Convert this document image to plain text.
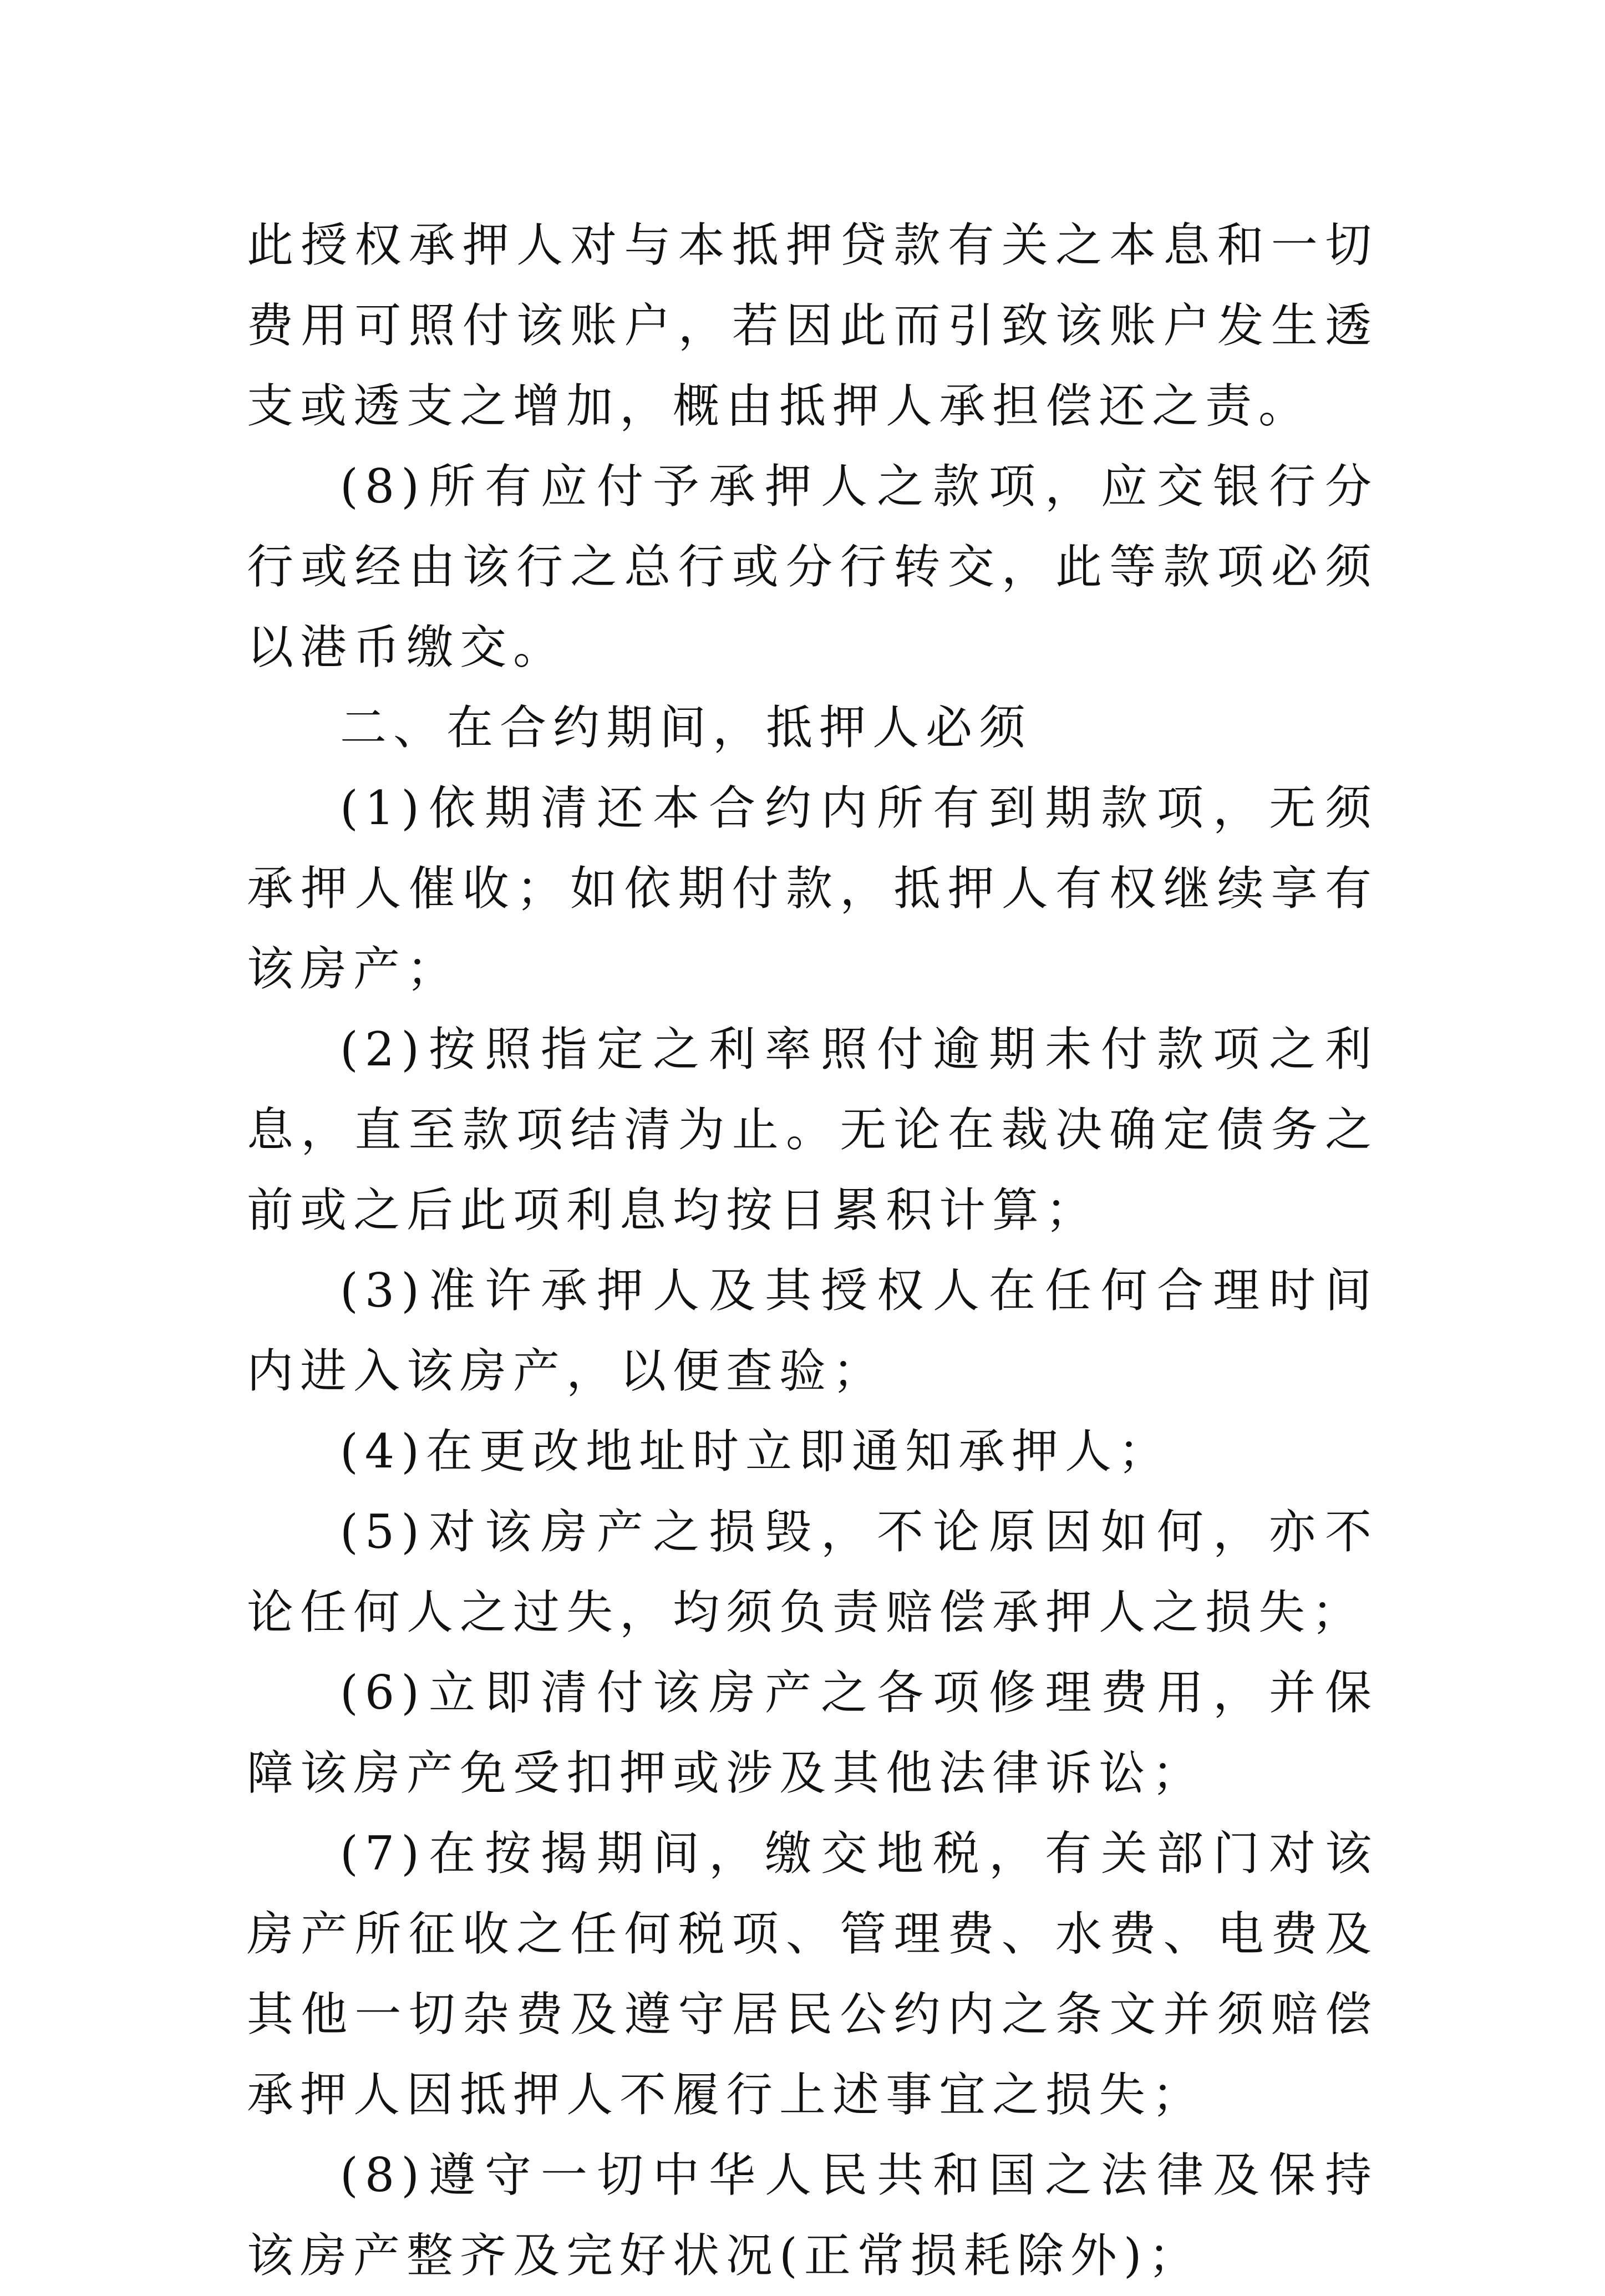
此授权承押人对与本抵押贷款有关之本息和一切费用可照付该账户，若因此而引致该账户发生透支或透支之增加，概由抵押人承担偿还之责。

(8)所有应付予承押人之款项，应交银行分行或经由该行之总行或分行转交，此等款项必须以港币缴交。

二、在合约期间，抵押人必须

(1)依期清还本合约内所有到期款项，无须承押人催收；如依期付款，抵押人有权继续享有该房产；

(2)按照指定之利率照付逾期未付款项之利息，直至款项结清为止。无论在裁决确定债务之前或之后此项利息均按日累积计算；

(3)准许承押人及其授权人在任何合理时间内进入该房产，以便查验；

(4)在更改地址时立即通知承押人；

(5)对该房产之损毁，不论原因如何，亦不论任何人之过失，均须负责赔偿承押人之损失；

(6)立即清付该房产之各项修理费用，并保障该房产免受扣押或涉及其他法律诉讼；

(7)在按揭期间，缴交地税，有关部门对该房产所征收之任何税项、管理费、水费、电费及其他一切杂费及遵守居民公约内之条文并须赔偿承押人因抵押人不履行上述事宜之损失；

(8)遵守一切中华人民共和国之法律及保持该房产整齐及完好状况(正常损耗除外)；
